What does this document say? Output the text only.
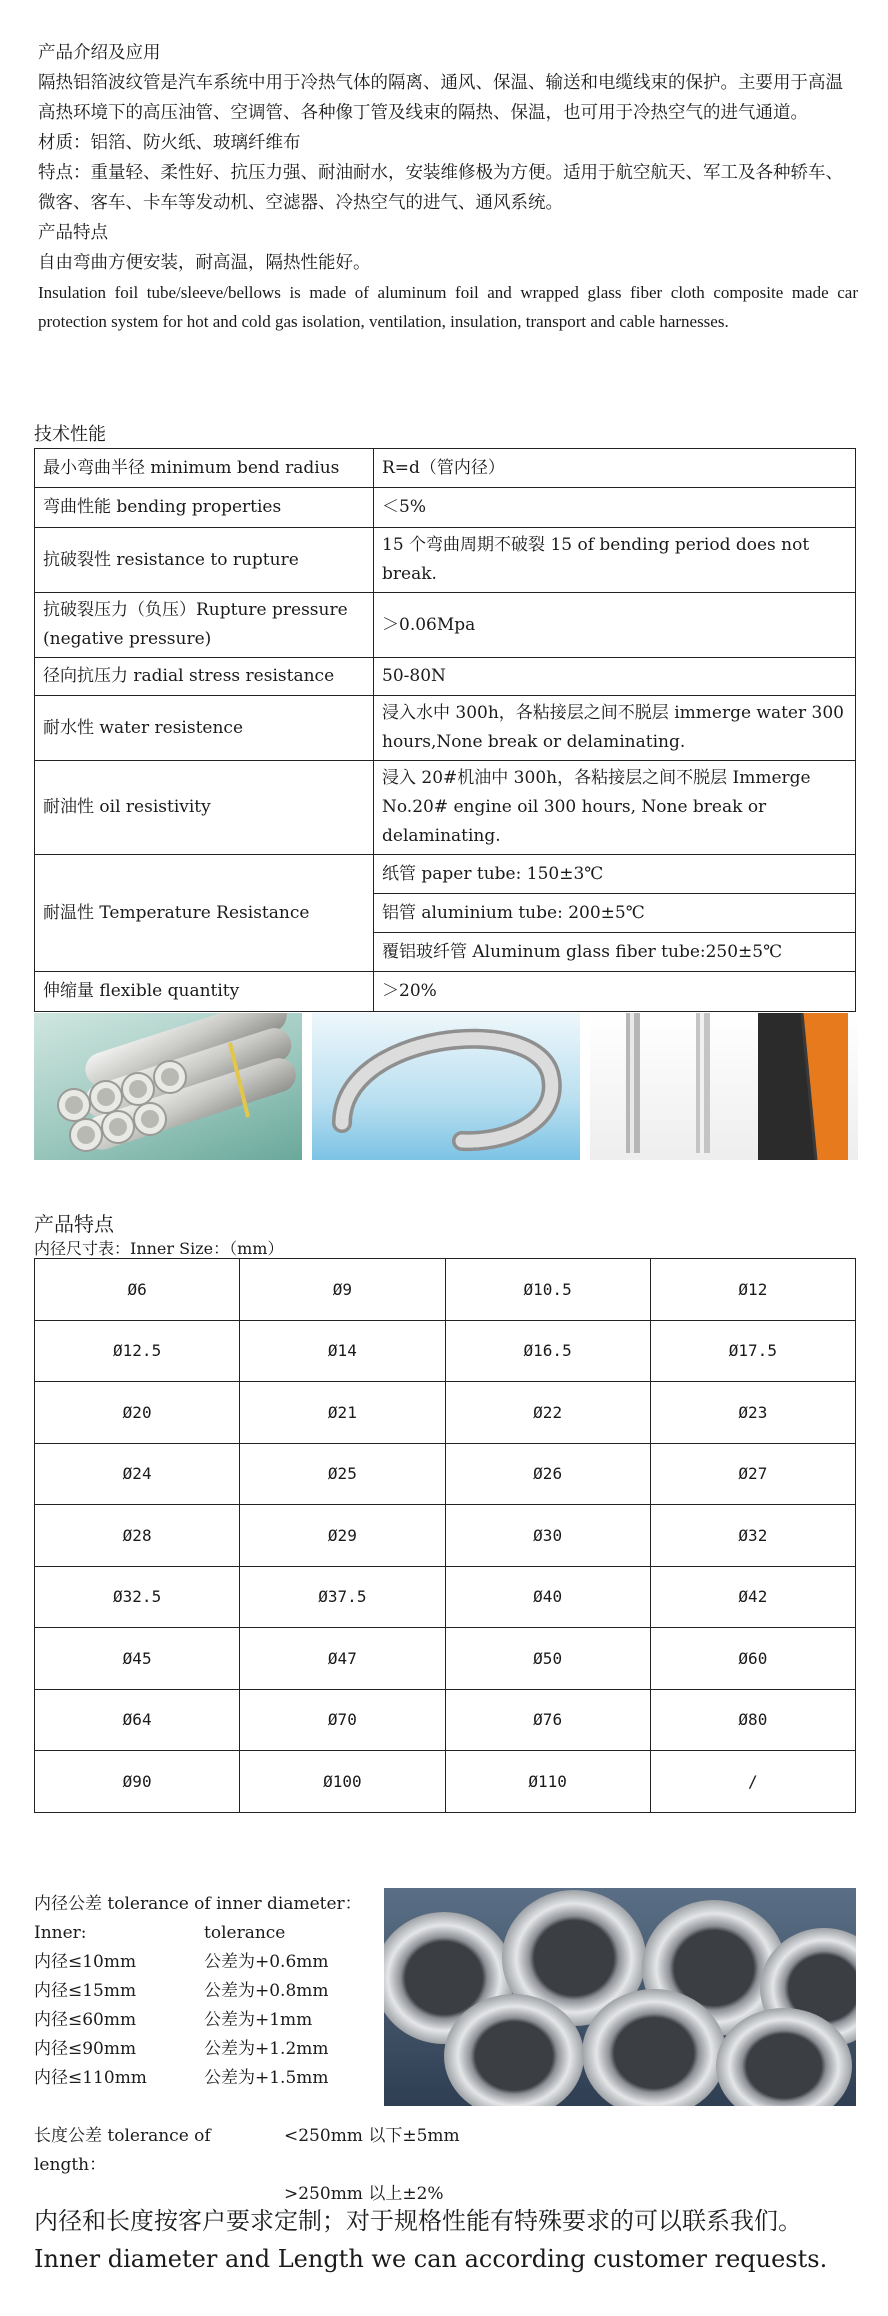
产品介绍及应用

隔热铝箔波纹管是汽车系统中用于冷热气体的隔离、通风、保温、输送和电缆线束的保护。主要用于高温高热环境下的高压油管、空调管、各种像丁管及线束的隔热、保温，也可用于冷热空气的进气通道。

材质：铝箔、防火纸、玻璃纤维布

特点：重量轻、柔性好、抗压力强、耐油耐水，安装维修极为方便。适用于航空航天、军工及各种轿车、微客、客车、卡车等发动机、空滤器、冷热空气的进气、通风系统。

产品特点

自由弯曲方便安装，耐高温，隔热性能好。

Insulation foil tube/sleeve/bellows is made of aluminum foil and wrapped glass fiber cloth composite made car protection system for hot and cold gas isolation, ventilation, insulation, transport and cable harnesses.

技术性能
最小弯曲半径 minimum bend radius	R=d（管内径）
弯曲性能 bending properties	＜5%
抗破裂性 resistance to rupture	15 个弯曲周期不破裂 15 of bending period does not break.
抗破裂压力（负压）Rupture pressure (negative pressure)	＞0.06Mpa
径向抗压力 radial stress resistance	50-80N
耐水性 water resistence	浸入水中 300h，各粘接层之间不脱层 immerge water 300 hours,None break or delaminating.
耐油性 oil resistivity	浸入 20#机油中 300h，各粘接层之间不脱层 Immerge No.20# engine oil 300 hours, None break or delaminating.
耐温性 Temperature Resistance	纸管 paper tube: 150±3℃
	铝管 aluminium tube: 200±5℃
	覆铝玻纤管 Aluminum glass fiber tube:250±5℃
伸缩量 flexible quantity	＞20%
产品特点
内径尺寸表：Inner Size：（mm）
Ø6	Ø9	Ø10.5	Ø12
Ø12.5	Ø14	Ø16.5	Ø17.5
Ø20	Ø21	Ø22	Ø23
Ø24	Ø25	Ø26	Ø27
Ø28	Ø29	Ø30	Ø32
Ø32.5	Ø37.5	Ø40	Ø42
Ø45	Ø47	Ø50	Ø60
Ø64	Ø70	Ø76	Ø80
Ø90	Ø100	Ø110	/
内径公差 tolerance of inner diameter：
Inner:	tolerance
内径≤10mm	公差为+0.6mm
内径≤15mm	公差为+0.8mm
内径≤60mm	公差为+1mm
内径≤90mm	公差为+1.2mm
内径≤110mm	公差为+1.5mm
长度公差 tolerance of length：
<250mm 以下±5mm
>250mm 以上±2%
内径和长度按客户要求定制；对于规格性能有特殊要求的可以联系我们。
Inner diameter and Length we can according customer requests.
